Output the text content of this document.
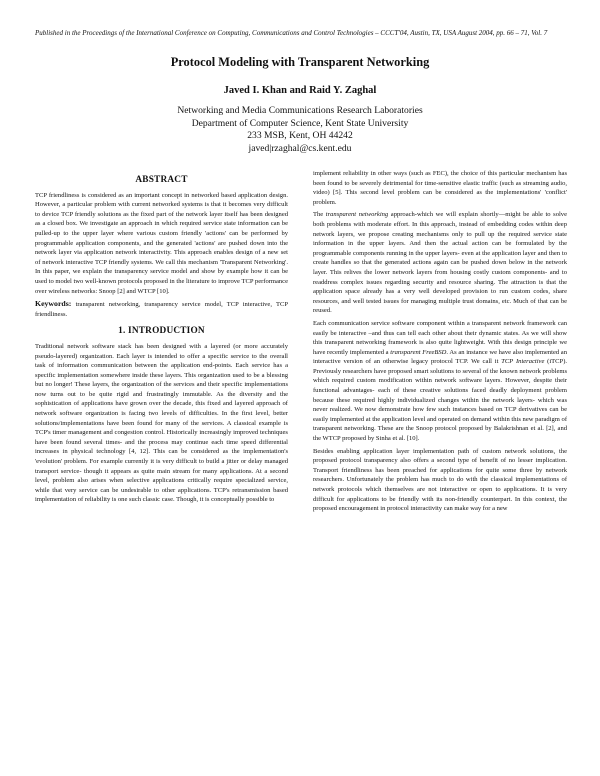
Published in the Proceedings of the International Conference on Computing, Communications and Control Technologies – CCCT'04, Austin, TX, USA August 2004, pp. 66 – 71, Vol. 7
Protocol Modeling with Transparent Networking
Javed I. Khan and Raid Y. Zaghal
Networking and Media Communications Research Laboratories
Department of Computer Science, Kent State University
233 MSB, Kent, OH 44242
javed|rzaghal@cs.kent.edu
ABSTRACT

TCP friendliness is considered as an important concept in networked based application design. However, a particular problem with current networked systems is that it becomes very difficult to device TCP friendly solutions as the fixed part of the network layer itself has been designed as a closed box. We investigate an approach in which required service state information can be pulled-up to the upper layer where various custom friendly 'actions' can be performed by programmable application components, and the generated 'actions' are pushed down into the network layer via application network interactivity. This approach enables design of a new set of network interactive TCP friendly systems. We call this mechanism 'Transparent Networking'. In this paper, we explain the transparency service model and show by example how it can be used to model two well-known protocols proposed in the literature to improve TCP performance over wireless networks: Snoop [2] and WTCP [10].

Keywords: transparent networking, transparency service model, TCP interactive, TCP friendliness.

1. INTRODUCTION

Traditional network software stack has been designed with a layered (or more accurately pseudo-layered) organization. Each layer is intended to offer a specific service to the overall task of information communication between the application end-points. Each service has a specific implementation somewhere inside these layers. This organization used to be a blessing but no longer! These layers, the organization of the services and their specific implementations now turns out to be quite rigid and frustratingly immutable. As the diversity and the sophistication of applications have grown over the decade, this fixed and layered approach of network software organization is facing two levels of difficulties. In the first level, better solutions/implementations have been found for many of the services. A classical example is TCP's timer management and congestion control. Historically increasingly improved techniques have been found several times- and the process may continue each time speed differential increases in physical technology [4, 12]. This can be considered as the implementation's 'evolution' problem. For example currently it is very difficult to build a jitter or delay managed transport service- though it appears as quite main stream for many applications. At a second level, problem also arises when selective applications critically require specialized service, while that very service can be undesirable to other applications. TCP's retransmission based implementation of reliability is one such classic case. Though, it is conceptually possible to

implement reliability in other ways (such as FEC), the choice of this particular mechanism has been found to be severely detrimental for time-sensitive elastic traffic (such as streaming audio, video) [5]. This second level problem can be considered as the implementations' 'conflict' problem.

The transparent networking approach-which we will explain shortly—might be able to solve both problems with moderate effort. In this approach, instead of embedding codes within deep network layers, we propose creating mechanisms only to pull up the required service state information in the upper layers. And then the actual action can be formulated by the programmable components running in the upper layers- even at the application layer and then to create handles so that the generated actions again can be pushed down below in the network layer. This relives the lower network layers from housing costly custom components- and to readdress complex issues regarding security and resource sharing. The attraction is that the application space already has a very well developed provision to run custom codes, share resources, and well tested issues for managing multiple trust domains, etc. Much of that can be reused.

Each communication service software component within a transparent network framework can easily be interactive –and thus can tell each other about their dynamic states. As we will show this transparent networking framework is also quite lightweight. With this design principle we have recently implemented a transparent FreeBSD. As an instance we have also implemented an interactive version of an otherwise legacy protocol TCP. We call it TCP Interactive (iTCP). Previously researchers have proposed smart solutions to several of the known network problems which required custom modification within network software layers. However, despite their functional advantages- each of these creative solutions faced deadly deployment problem because these required highly individualized changes within the network layers- which was never realized. We now demonstrate how few such instances based on TCP derivatives can be easily implemented at the application level and operated on demand within this new paradigm of transparent networking. These are the Snoop protocol proposed by Balakrishnan et al. [2], and the WTCP proposed by Sinha et al. [10].

Besides enabling application layer implementation path of custom network solutions, the proposed protocol transparency also offers a second type of benefit of no lesser implication. Transport friendliness has been preached for applications for quite some three by network researchers. Unfortunately the problem has much to do with the classical implementations of network protocols which themselves are not interactive or open to applications. It is very difficult for applications to be friendly with its non-friendly counterpart. In this context, the proposed encouragement in protocol interactivity can make way for a new
